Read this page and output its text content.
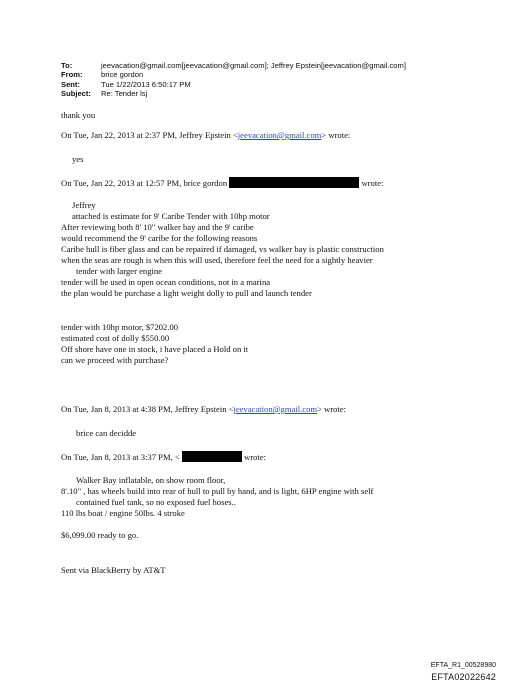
To:	jeevacation@gmail.com[jeevacation@gmail.com]; Jeffrey Epstein[jeevacation@gmail.com]
From:	brice gordon
Sent:	Tue 1/22/2013 6:50:17 PM
Subject:	Re: Tender lsj
thank you
On Tue, Jan 22, 2013 at 2:37 PM, Jeffrey Epstein <jeevacation@gmail.com> wrote:
yes
On Tue, Jan 22, 2013 at 12:57 PM, brice gordon	wrote:
Jeffrey
attached is estimate for 9' Caribe Tender with 10hp motor
After reviewing both 8' 10" walker bay and the 9' caribe
would recommend the 9' caribe for the following reasons
Caribe hull is fiber glass and can be repaired if damaged, vs walker bay is plastic construction
when the seas are rough is when this will used, therefore feel the need for a sightly heavier
tender with larger engine
tender will be used in open ocean conditions, not in a marina
the plan would be purchase a light weight dolly to pull and launch tender
tender with 10hp motor, $7202.00
estimated cost of dolly $550.00
Off shore have one in stock, i have placed a Hold on it
can we proceed with purchase?
On Tue, Jan 8, 2013 at 4:38 PM, Jeffrey Epstein <jeevacation@gmail.com> wrote:
brice can decidde
On Tue, Jan 8, 2013 at 3:37 PM, <	wrote:
Walker Bay inflatable, on show room floor,
8'.10" , has wheels build into rear of hull to pull by hand, and is light, 6HP engine with self
contained fuel tank, so no exposed fuel hoses..
110 lbs boat / engine 50lbs. 4 stroke
$6,099.00 ready to go.
Sent via BlackBerry by AT&T
EFTA_R1_00528980
EFTA02022642
